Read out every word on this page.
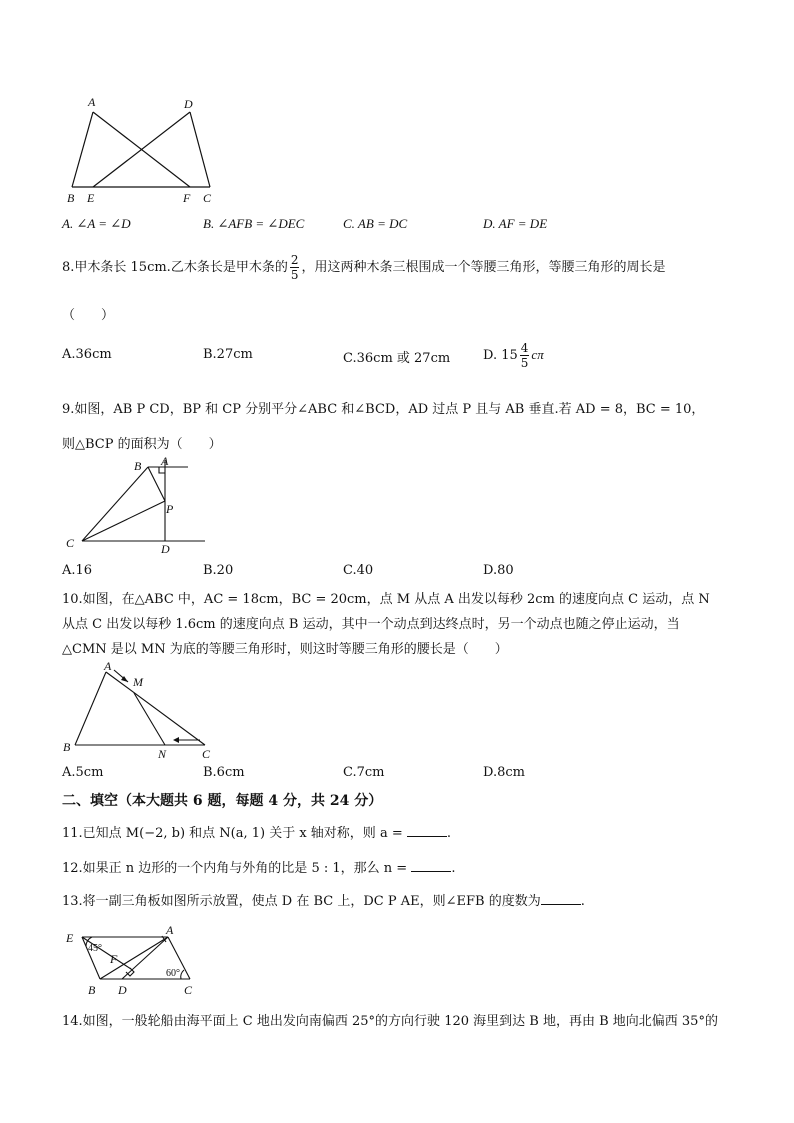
A	D
B E	F C
A. ∠A = ∠D	B. ∠AFB = ∠DEC	C. AB = DC	D. AF = DE
8.甲木条长 15cm.乙木条长是甲木条的 $\frac{2}{5}$ ，用这两种木条三根围成一个等腰三角形，等腰三角形的周长是
（　　）
A.36cm	B.27cm	C.36cm 或 27cm	D. $15 \frac{4}{5}$ cπ
9.如图，AB P CD，BP 和 CP 分别平分∠ABC 和∠BCD，AD 过点 P 且与 AB 垂直.若 AD = 8，BC = 10，
则△BCP 的面积为（　　）
B A
P
C	D
A.16	B.20	C.40	D.80
10.如图，在△ABC 中，AC = 18cm，BC = 20cm，点 M 从点 A 出发以每秒 2cm 的速度向点 C 运动，点 N
从点 C 出发以每秒 1.6cm 的速度向点 B 运动，其中一个动点到达终点时，另一个动点也随之停止运动，当
△CMN 是以 MN 为底的等腰三角形时，则这时等腰三角形的腰长是（　　）
A
M
B	N	C
A.5cm	B.6cm	C.7cm	D.8cm
二、填空（本大题共 6 题，每题 4 分，共 24 分）
11.已知点 M(−2, b) 和点 N(a, 1) 关于 x 轴对称，则 a =	.
12.如果正 n 边形的一个内角与外角的比是 5 : 1，那么 n =	.
13.将一副三角板如图所示放置，使点 D 在 BC 上，DC P AE，则∠EFB 的度数为	.
E
A
F
B D	C
45°
60°
14.如图，一般轮船由海平面上 C 地出发向南偏西 25°的方向行驶 120 海里到达 B 地，再由 B 地向北偏西 35°的
